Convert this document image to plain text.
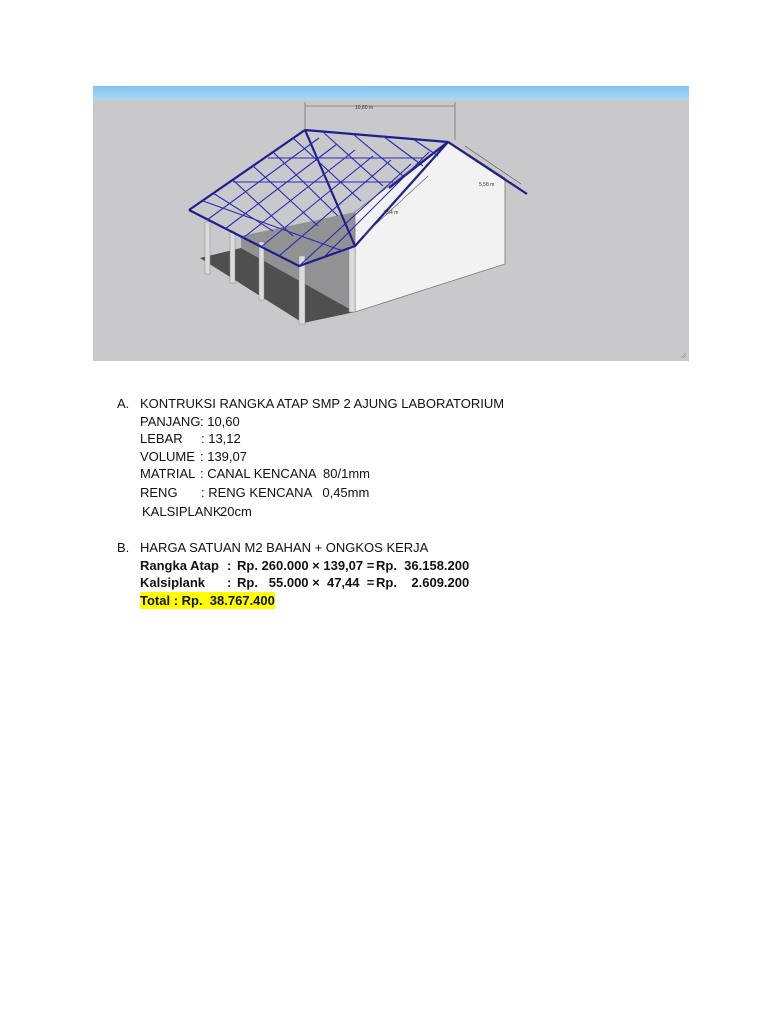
10,60 m
5,58 m
7,54 m
A. KONTRUKSI RANGKA ATAP SMP 2 AJUNG LABORATORIUM
PANJANG : 10,60
LEBAR : 13,12
VOLUME : 139,07
MATRIAL : CANAL KENCANA  80/1mm
RENG : RENG KENCANA   0,45mm
KALSIPLANK
20cm
B. HARGA SATUAN M2 BAHAN + ONGKOS KERJA
Rangka Atap : Rp. 260.000 × 139,07 = Rp.  36.158.200
Kalsiplank : Rp.   55.000 ×  47,44  = Rp.    2.609.200
Total : Rp.  38.767.400
